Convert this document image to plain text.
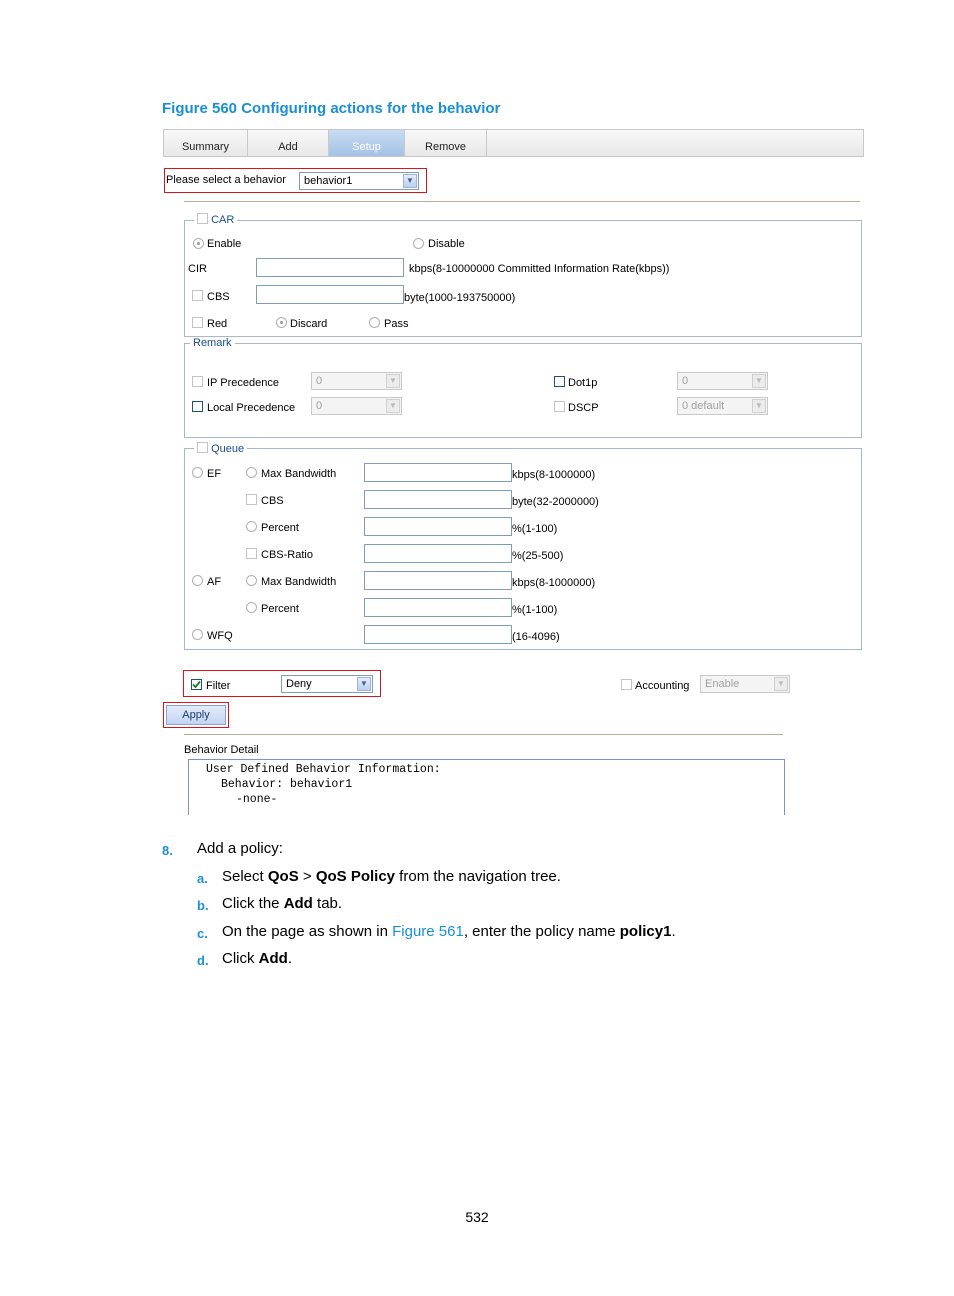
Figure 560 Configuring actions for the behavior
Summary	Add	Setup	Remove
Please select a behavior	behavior1	▼
CAR
Enable	Disable
CIR	kbps(8-10000000 Committed Information Rate(kbps))
CBS	byte(1000-193750000)
Red	Discard	Pass
Remark
IP Precedence	0	▼
Local Precedence	0	▼
Dot1p	0	▼
DSCP	0 default	▼
Queue
EF	Max Bandwidth	kbps(8-1000000)
CBS	byte(32-2000000)
Percent	%(1-100)
CBS-Ratio	%(25-500)
AF	Max Bandwidth	kbps(8-1000000)
Percent	%(1-100)
WFQ	(16-4096)
Filter	Deny	▼	Accounting	Enable	▼
Apply
Behavior Detail
User Defined Behavior Information:
Behavior: behavior1
-none-
8. Add a policy:
a. Select QoS > QoS Policy from the navigation tree.
b. Click the Add tab.
c. On the page as shown in Figure 561, enter the policy name policy1.
d. Click Add.
532
